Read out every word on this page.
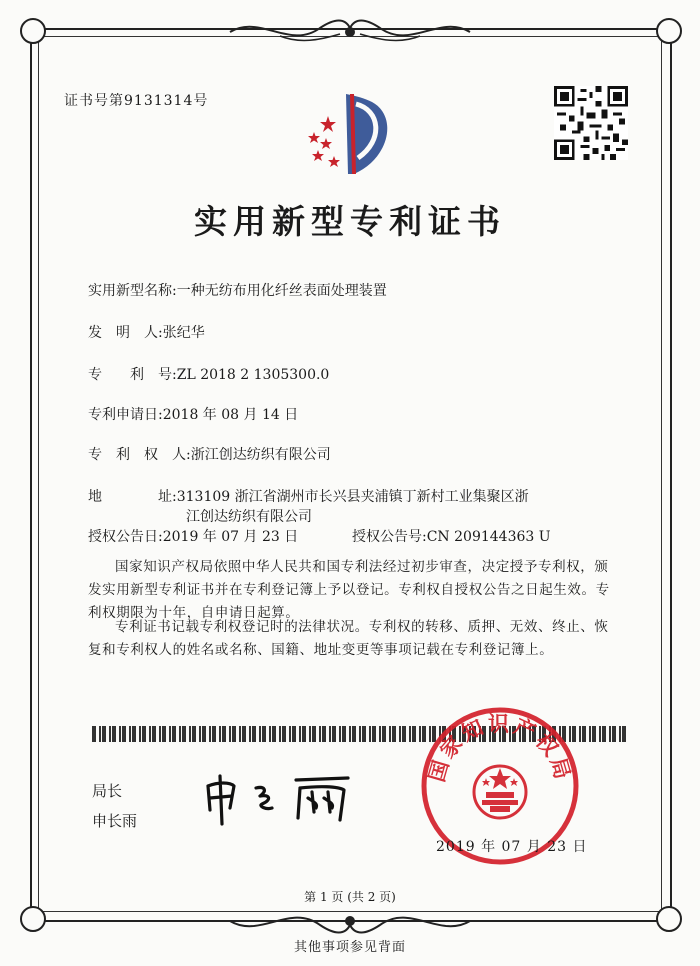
证书号第9131314号
实用新型专利证书
实用新型名称:一种无纺布用化纤丝表面处理装置
发　明　人:张纪华
专　　利　号:ZL 2018 2 1305300.0
专利申请日:2018 年 08 月 14 日
专　利　权　人:浙江创达纺织有限公司
地　　　　址:313109 浙江省湖州市长兴县夹浦镇丁新村工业集聚区浙
江创达纺织有限公司
授权公告日:2019 年 07 月 23 日	授权公告号:CN 209144363 U
国家知识产权局依照中华人民共和国专利法经过初步审查，决定授予专利权，颁发实用新型专利证书并在专利登记簿上予以登记。专利权自授权公告之日起生效。专利权期限为十年，自申请日起算。
专利证书记载专利权登记时的法律状况。专利权的转移、质押、无效、终止、恢复和专利权人的姓名或名称、国籍、地址变更等事项记载在专利登记簿上。
局长
申长雨
国家知识产权局
2019 年 07 月 23 日
第 1 页 (共 2 页)
其他事项参见背面
